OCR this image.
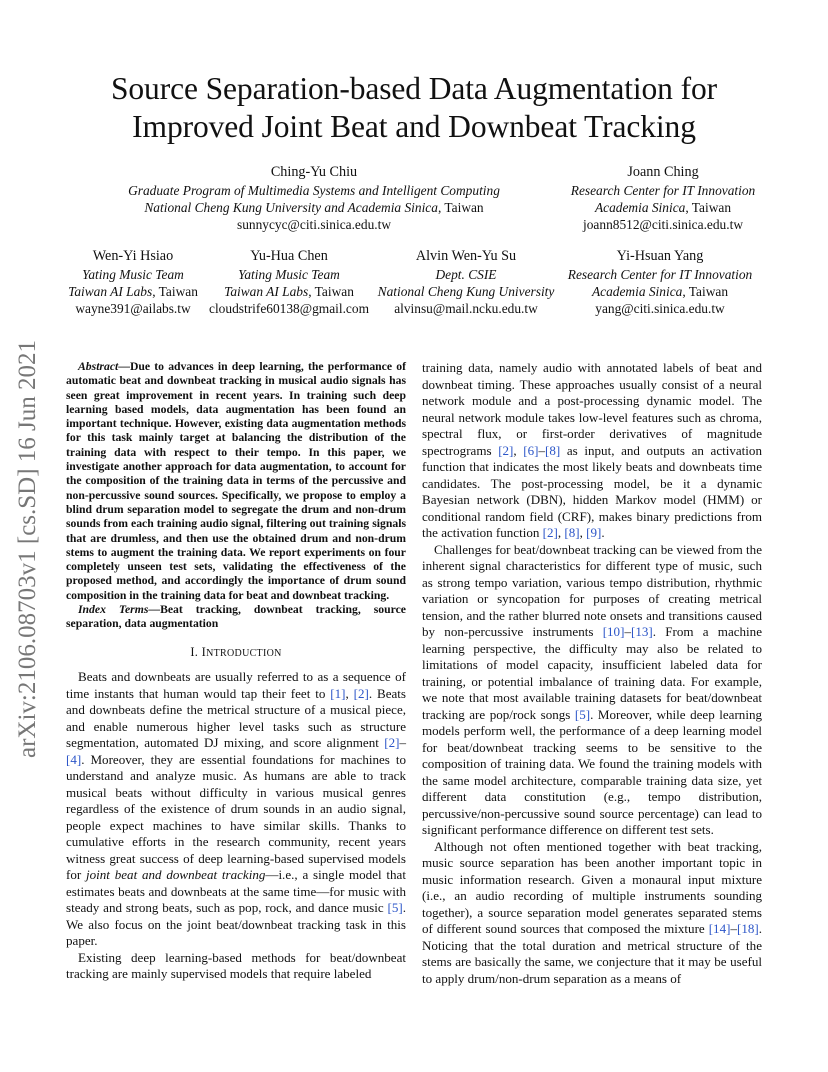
arXiv:2106.08703v1 [cs.SD] 16 Jun 2021
Source Separation-based Data Augmentation for
Improved Joint Beat and Downbeat Tracking
Ching-Yu Chiu
Graduate Program of Multimedia Systems and Intelligent Computing
National Cheng Kung University and Academia Sinica, Taiwan
sunnycyc@citi.sinica.edu.tw
Joann Ching
Research Center for IT Innovation
Academia Sinica, Taiwan
joann8512@citi.sinica.edu.tw
Wen-Yi Hsiao
Yating Music Team
Taiwan AI Labs, Taiwan
wayne391@ailabs.tw
Yu-Hua Chen
Yating Music Team
Taiwan AI Labs, Taiwan
cloudstrife60138@gmail.com
Alvin Wen-Yu Su
Dept. CSIE
National Cheng Kung University
alvinsu@mail.ncku.edu.tw
Yi-Hsuan Yang
Research Center for IT Innovation
Academia Sinica, Taiwan
yang@citi.sinica.edu.tw

Abstract—Due to advances in deep learning, the performance of automatic beat and downbeat tracking in musical audio signals has seen great improvement in recent years. In training such deep learning based models, data augmentation has been found an important technique. However, existing data augmentation methods for this task mainly target at balancing the distribution of the training data with respect to their tempo. In this paper, we investigate another approach for data augmentation, to account for the composition of the training data in terms of the percussive and non-percussive sound sources. Specifically, we propose to employ a blind drum separation model to segregate the drum and non-drum sounds from each training audio signal, filtering out training signals that are drumless, and then use the obtained drum and non-drum stems to augment the training data. We report experiments on four completely unseen test sets, validating the effectiveness of the proposed method, and accordingly the importance of drum sound composition in the training data for beat and downbeat tracking.

Index Terms—Beat tracking, downbeat tracking, source separation, data augmentation

I. INTRODUCTION

Beats and downbeats are usually referred to as a sequence of time instants that human would tap their feet to [1], [2]. Beats and downbeats define the metrical structure of a musical piece, and enable numerous higher level tasks such as structure segmentation, automated DJ mixing, and score alignment [2]–[4]. Moreover, they are essential foundations for machines to understand and analyze music. As humans are able to track musical beats without difficulty in various musical genres regardless of the existence of drum sounds in an audio signal, people expect machines to have similar skills. Thanks to cumulative efforts in the research community, recent years witness great success of deep learning-based supervised models for joint beat and downbeat tracking—i.e., a single model that estimates beats and downbeats at the same time—for music with steady and strong beats, such as pop, rock, and dance music [5]. We also focus on the joint beat/downbeat tracking task in this paper.

Existing deep learning-based methods for beat/downbeat tracking are mainly supervised models that require labeled

training data, namely audio with annotated labels of beat and downbeat timing. These approaches usually consist of a neural network module and a post-processing dynamic model. The neural network module takes low-level features such as chroma, spectral flux, or first-order derivatives of magnitude spectrograms [2], [6]–[8] as input, and outputs an activation function that indicates the most likely beats and downbeats time candidates. The post-processing model, be it a dynamic Bayesian network (DBN), hidden Markov model (HMM) or conditional random field (CRF), makes binary predictions from the activation function [2], [8], [9].

Challenges for beat/downbeat tracking can be viewed from the inherent signal characteristics for different type of music, such as strong tempo variation, various tempo distribution, rhythmic variation or syncopation for purposes of creating metrical tension, and the rather blurred note onsets and transitions caused by non-percussive instruments [10]–[13]. From a machine learning perspective, the difficulty may also be related to limitations of model capacity, insufficient labeled data for training, or potential imbalance of training data. For example, we note that most available training datasets for beat/downbeat tracking are pop/rock songs [5]. Moreover, while deep learning models perform well, the performance of a deep learning model for beat/downbeat tracking seems to be sensitive to the composition of training data. We found the training models with the same model architecture, comparable training data size, yet different data constitution (e.g., tempo distribution, percussive/non-percussive sound source percentage) can lead to significant performance difference on different test sets.

Although not often mentioned together with beat tracking, music source separation has been another important topic in music information research. Given a monaural input mixture (i.e., an audio recording of multiple instruments sounding together), a source separation model generates separated stems of different sound sources that composed the mixture [14]–[18]. Noticing that the total duration and metrical structure of the stems are basically the same, we conjecture that it may be useful to apply drum/non-drum separation as a means of
